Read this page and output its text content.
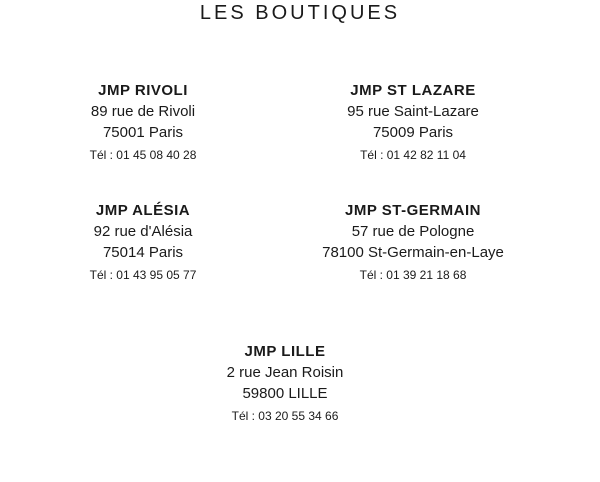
LES BOUTIQUES
JMP RIVOLI
89 rue de Rivoli
75001 Paris
Tél : 01 45 08 40 28
JMP ST LAZARE
95 rue Saint-Lazare
75009 Paris
Tél : 01 42 82 11 04
JMP ALÉSIA
92 rue d'Alésia
75014 Paris
Tél : 01 43 95 05 77
JMP ST-GERMAIN
57 rue de Pologne
78100 St-Germain-en-Laye
Tél : 01 39 21 18 68
JMP LILLE
2 rue Jean Roisin
59800 LILLE
Tél : 03 20 55 34 66
